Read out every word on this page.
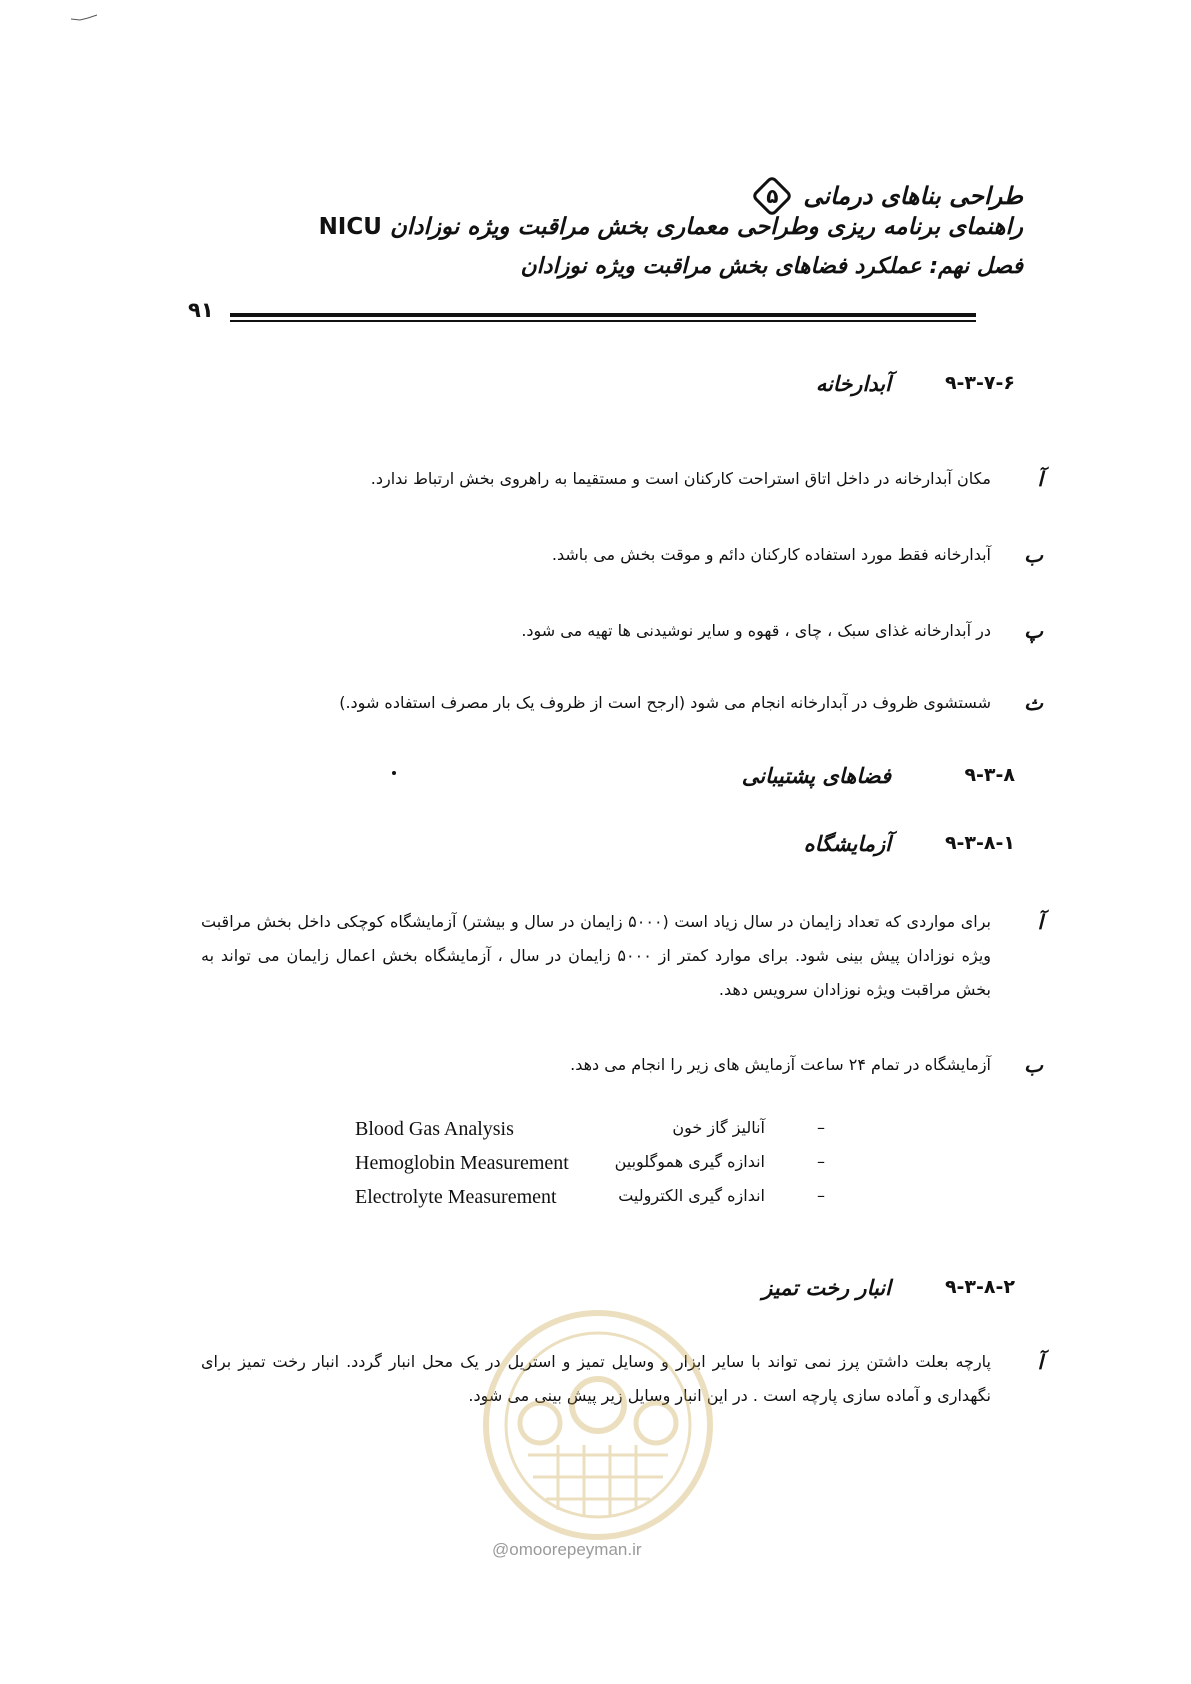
طراحی بناهای درمانی
۵
راهنمای برنامه ریزی وطراحی معماری بخش مراقبت ویژه نوزادان NICU
فصل نهم: عملکرد فضاهای بخش مراقبت ویژه نوزادان
۹۱
۹-۳-۷-۶
آبدارخانه
آ
مکان آبدارخانه در داخل اتاق استراحت کارکنان است و مستقیما به راهروی بخش ارتباط ندارد.
ب
آبدارخانه فقط مورد استفاده کارکنان دائم و موقت بخش می باشد.
پ
در آبدارخانه غذای سبک ، چای ، قهوه و سایر نوشیدنی ها تهیه می شود.
ث
شستشوی ظروف در آبدارخانه انجام می شود (ارجح است از ظروف یک بار مصرف استفاده شود.)
۹-۳-۸
فضاهای پشتیبانی
۹-۳-۸-۱
آزمایشگاه
آ
برای مواردی که تعداد زایمان در سال زیاد است (۵۰۰۰ زایمان در سال و بیشتر) آزمایشگاه کوچکی داخل بخش مراقبت ویژه نوزادان پیش بینی شود. برای موارد کمتر از ۵۰۰۰ زایمان در سال ، آزمایشگاه بخش اعمال زایمان می تواند به بخش مراقبت ویژه نوزادان سرویس دهد.
ب
آزمایشگاه در تمام ۲۴ ساعت آزمایش های زیر را انجام می دهد.
–
آنالیز گاز خون
Blood Gas Analysis
–
اندازه گیری هموگلوبین
Hemoglobin Measurement
–
اندازه گیری الکترولیت
Electrolyte Measurement
۹-۳-۸-۲
انبار رخت تمیز
آ
پارچه بعلت داشتن پرز نمی تواند با سایر ابزار و وسایل تمیز و استریل در یک محل انبار گردد. انبار رخت تمیز برای نگهداری و آماده سازی پارچه است . در این انبار وسایل زیر پیش بینی می شود.
@omoorepeyman.ir
